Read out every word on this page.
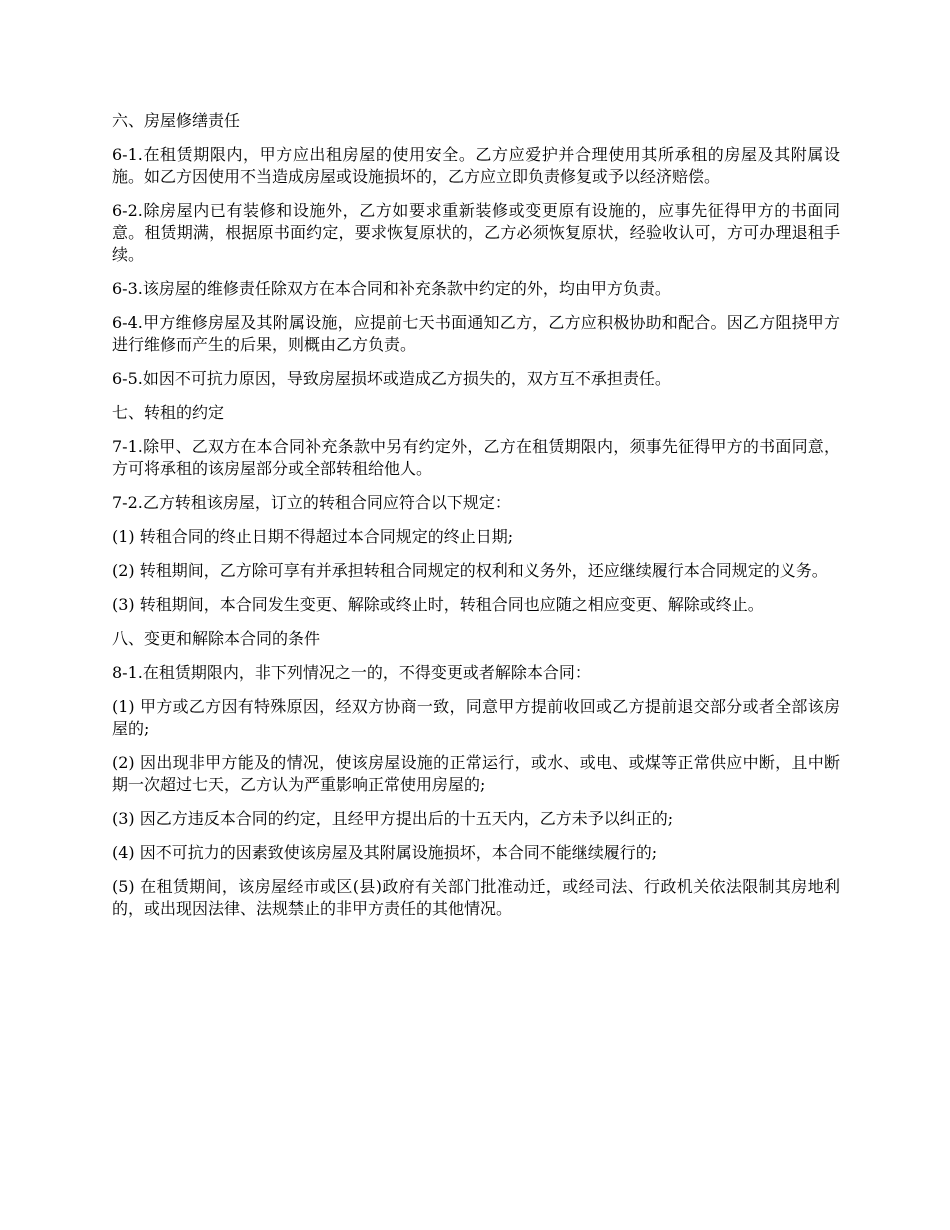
六、房屋修缮责任

6-1.在租赁期限内，甲方应出租房屋的使用安全。乙方应爱护并合理使用其所承租的房屋及其附属设施。如乙方因使用不当造成房屋或设施损坏的，乙方应立即负责修复或予以经济赔偿。

6-2.除房屋内已有装修和设施外，乙方如要求重新装修或变更原有设施的，应事先征得甲方的书面同意。租赁期满，根据原书面约定，要求恢复原状的，乙方必须恢复原状，经验收认可，方可办理退租手续。

6-3.该房屋的维修责任除双方在本合同和补充条款中约定的外，均由甲方负责。

6-4.甲方维修房屋及其附属设施，应提前七天书面通知乙方，乙方应积极协助和配合。因乙方阻挠甲方进行维修而产生的后果，则概由乙方负责。

6-5.如因不可抗力原因，导致房屋损坏或造成乙方损失的，双方互不承担责任。

七、转租的约定

7-1.除甲、乙双方在本合同补充条款中另有约定外，乙方在租赁期限内，须事先征得甲方的书面同意，方可将承租的该房屋部分或全部转租给他人。

7-2.乙方转租该房屋，订立的转租合同应符合以下规定：

(1) 转租合同的终止日期不得超过本合同规定的终止日期;

(2) 转租期间，乙方除可享有并承担转租合同规定的权利和义务外，还应继续履行本合同规定的义务。

(3) 转租期间，本合同发生变更、解除或终止时，转租合同也应随之相应变更、解除或终止。

八、变更和解除本合同的条件

8-1.在租赁期限内，非下列情况之一的，不得变更或者解除本合同：

(1) 甲方或乙方因有特殊原因，经双方协商一致，同意甲方提前收回或乙方提前退交部分或者全部该房屋的;

(2) 因出现非甲方能及的情况，使该房屋设施的正常运行，或水、或电、或煤等正常供应中断，且中断期一次超过七天，乙方认为严重影响正常使用房屋的;

(3) 因乙方违反本合同的约定，且经甲方提出后的十五天内，乙方未予以纠正的;

(4) 因不可抗力的因素致使该房屋及其附属设施损坏，本合同不能继续履行的;

(5) 在租赁期间，该房屋经市或区(县)政府有关部门批准动迁，或经司法、行政机关依法限制其房地利的，或出现因法律、法规禁止的非甲方责任的其他情况。
